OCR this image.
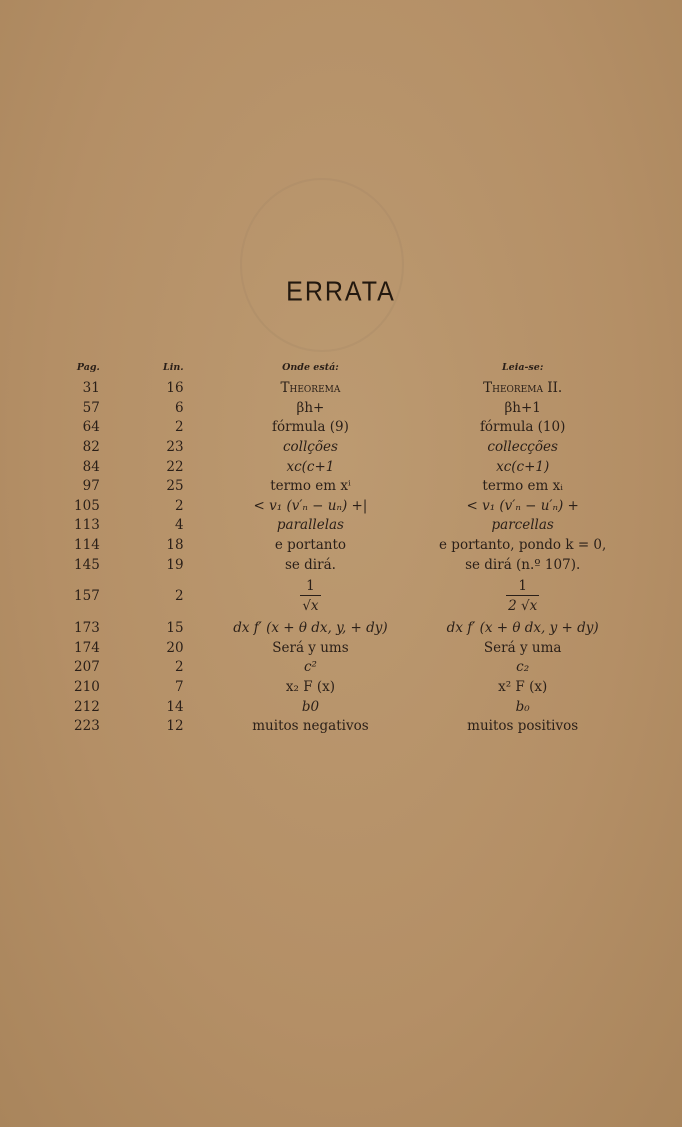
ERRATA
Pag.	Lin.	Onde está:	Leia-se:
31	16	Theorema	Theorema II.
57	6	βh+	βh+1
64	2	fórmula (9)	fórmula (10)
82	23	collções	collecções
84	22	xc(c+1	xc(c+1)
97	25	termo em xⁱ	termo em xᵢ
105	2	< v₁ (v′ₙ − uₙ) +|	< v₁ (v′ₙ − u′ₙ) +
113	4	parallelas	parcellas
114	18	e portanto	e portanto, pondo k = 0,
145	19	se dirá.	se dirá (n.º 107).
157	2	$\frac{1}{√x}$	$\frac{1}{2 √x}$

173	15	dx f′ (x + θ dx, y, + dy)	dx f′ (x + θ dx, y + dy)
174	20	Será y ums	Será y uma
207	2	c²	c₂
210	7	x₂ F (x)	x² F (x)
212	14	b0	b₀
223	12	muitos negativos	muitos positivos
